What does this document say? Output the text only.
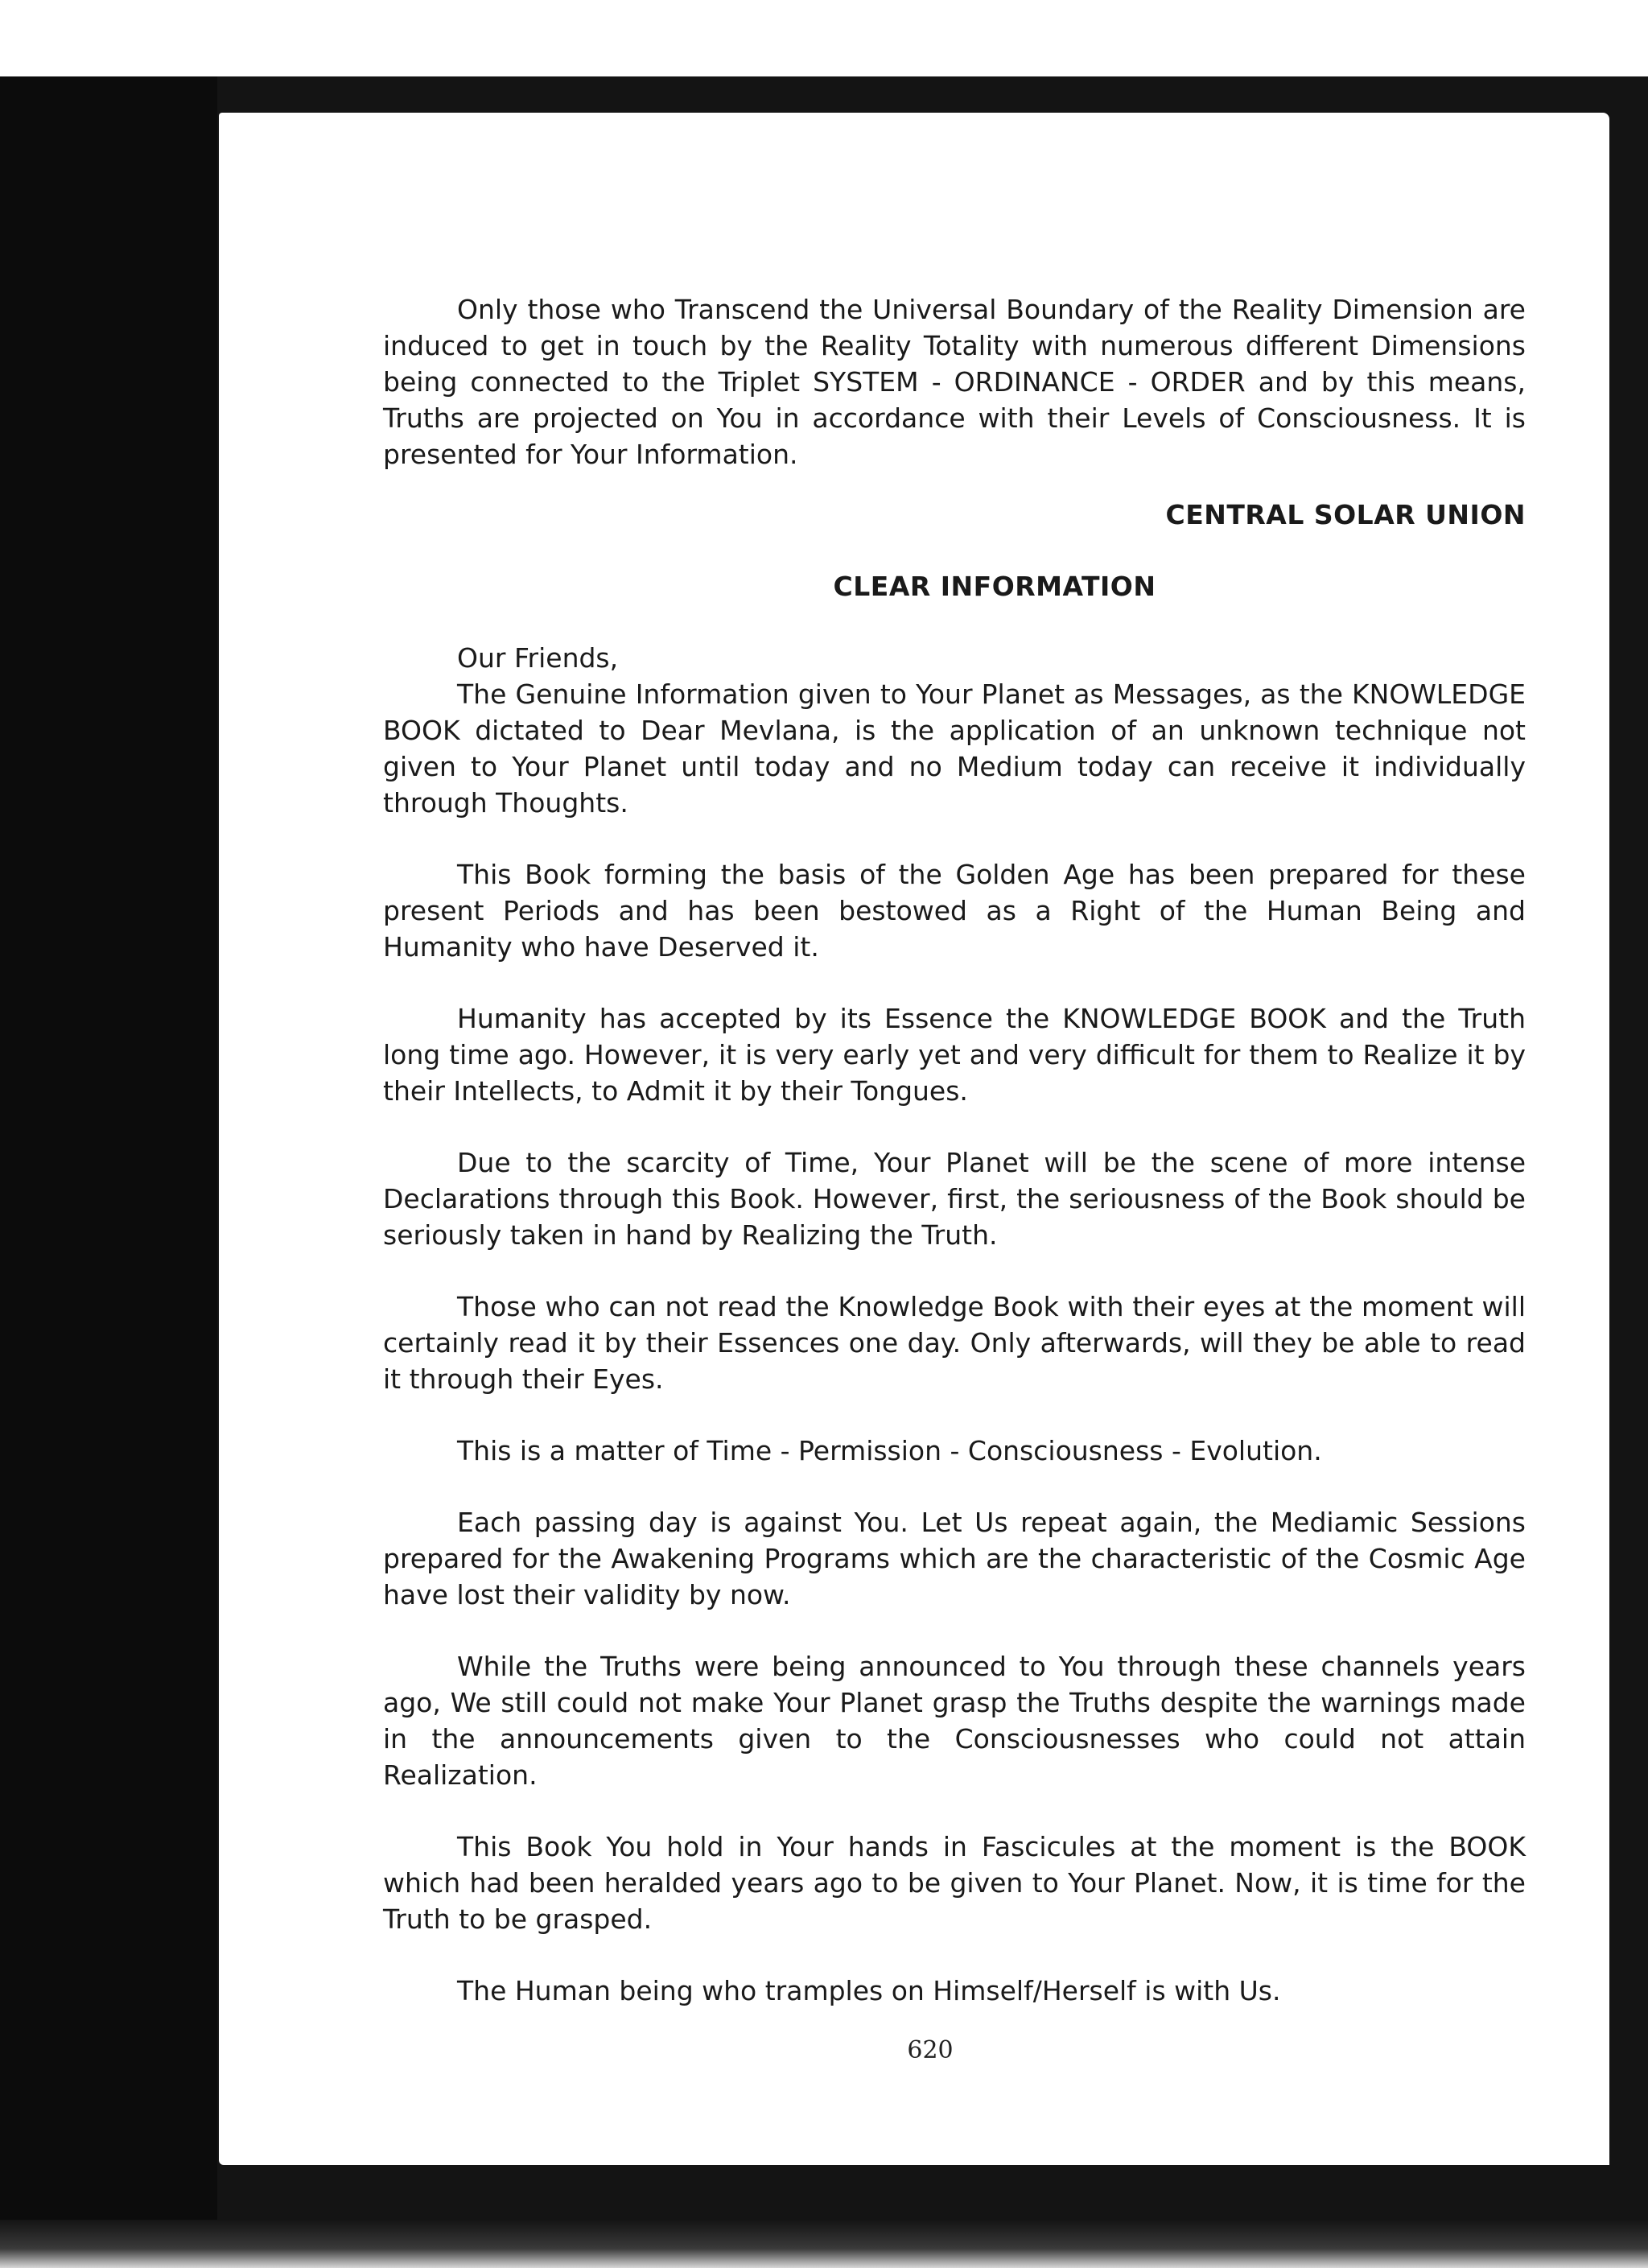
Only those who Transcend the Universal Boundary of the Reality Dimension are induced to get in touch by the Reality Totality with numerous different Dimensions being connected to the Triplet SYSTEM - ORDINANCE - ORDER and by this means, Truths are projected on You in accordance with their Levels of Consciousness. It is presented for Your Information.

CENTRAL SOLAR UNION

CLEAR INFORMATION

Our Friends,

The Genuine Information given to Your Planet as Messages, as the KNOWLEDGE BOOK dictated to Dear Mevlana, is the application of an unknown technique not given to Your Planet until today and no Medium today can receive it individually through Thoughts.

This Book forming the basis of the Golden Age has been prepared for these present Periods and has been bestowed as a Right of the Human Being and Humanity who have Deserved it.

Humanity has accepted by its Essence the KNOWLEDGE BOOK and the Truth long time ago. However, it is very early yet and very difficult for them to Realize it by their Intellects, to Admit it by their Tongues.

Due to the scarcity of Time, Your Planet will be the scene of more intense Declarations through this Book. However, first, the seriousness of the Book should be seriously taken in hand by Realizing the Truth.

Those who can not read the Knowledge Book with their eyes at the moment will certainly read it by their Essences one day. Only afterwards, will they be able to read it through their Eyes.

This is a matter of Time - Permission - Consciousness - Evolution.

Each passing day is against You. Let Us repeat again, the Mediamic Sessions prepared for the Awakening Programs which are the characteristic of the Cosmic Age have lost their validity by now.

While the Truths were being announced to You through these channels years ago, We still could not make Your Planet grasp the Truths despite the warnings made in the announcements given to the Consciousnesses who could not attain Realization.

This Book You hold in Your hands in Fascicules at the moment is the BOOK which had been heralded years ago to be given to Your Planet. Now, it is time for the Truth to be grasped.

The Human being who tramples on Himself/Herself is with Us.

620
